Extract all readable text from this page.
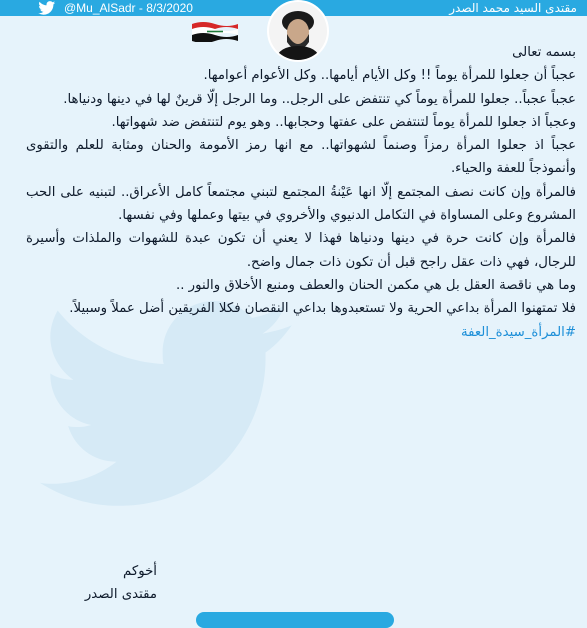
@Mu_AlSadr - 8/3/2020	مقتدى السيد محمد الصدر

بسمه تعالى

عجباً أن جعلوا للمرأة يوماً !! وكل الأيام أيامها.. وكل الأعوام أعوامها.

عجباً عجباً.. جعلوا للمرأة يوماً كي تنتفض على الرجل.. وما الرجل إلّا قرينٌ لها في دينها ودنياها.

وعجباً اذ جعلوا للمرأة يوماً لتنتفض على عفتها وحجابها.. وهو يوم لتنتفض ضد شهواتها.

عجباً اذ جعلوا المرأة رمزاً وصنماً لشهواتها.. مع انها رمز الأمومة والحنان ومثابة للعلم والتقوى وأنموذجاً للعفة والحياء.

فالمرأة وإن كانت نصف المجتمع إلّا انها عَيْنةُ المجتمع لتبني مجتمعاً كامل الأعراق.. لتبنيه على الحب المشروع وعلى المساواة في التكامل الدنيوي والأخروي في بيتها وعملها وفي نفسها.

فالمرأة وإن كانت حرة في دينها ودنياها فهذا لا يعني أن تكون عبدة للشهوات والملذات وأسيرة للرجال، فهي ذات عقل راجح قبل أن تكون ذات جمال واضح.

وما هي ناقصة العقل بل هي مكمن الحنان والعطف ومنبع الأخلاق والنور ..

فلا تمتهنوا المرأة بداعي الحرية ولا تستعبدوها بداعي النقصان فكلا الفريقين أضل عملاً وسبيلاً.

#المرأة_سيدة_العفة

أخوكم

مقتدى الصدر
